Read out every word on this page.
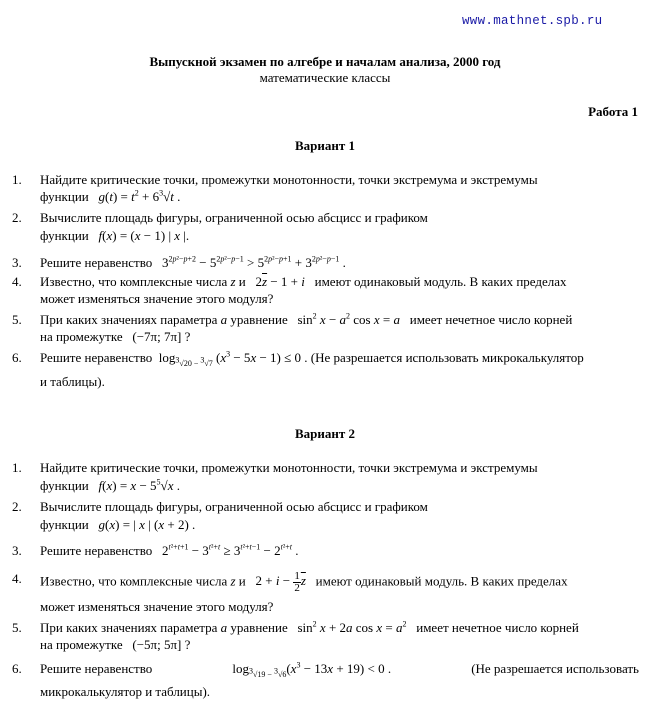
www.mathnet.spb.ru
Выпускной экзамен по алгебре и началам анализа, 2000 год
математические классы
Работа 1
Вариант 1
1. Найдите критические точки, промежутки монотонности, точки экстремума и экстремумы
функции $g(t) = t^2 + 6^3√t$ .
2. Вычислите площадь фигуры, ограниченной осью абсцисс и графиком
функции f(x) = (x − 1) | x |.
3. Решите неравенство   $3^{2p^2-p+2} - 5^{2p^2-p-1} > 5^{2p^2-p+1} + 3^{2p^2-p-1}$ .
4. Известно, что комплексные числа z и   $2\overline{z} - 1 + i$ имеют одинаковый модуль. В каких пределах
может изменяться значение этого модуля?
5. При каких значениях параметра a уравнение   $\sin^2 x - a^2$ cos x = a имеет нечетное число корней
на промежутке   (−7π; 7π] ?
6. Решите неравенство  $\log_{^3√20 - ^3√7} (x^3 - 5x - 1) \le 0$ . (Не разрешается использовать микрокалькулятор
и таблицы).
Вариант 2
1. Найдите критические точки, промежутки монотонности, точки экстремума и экстремумы
функции $f(x) = x - 5^5√x$ .
2. Вычислите площадь фигуры, ограниченной осью абсцисс и графиком
функции g(x) = | x | (x + 2) .
3. Решите неравенство   $2^{t^2+t+1} - 3^{t^2+t} \ge 3^{t^2+t-1} - 2^{t^2+t}$ .
4. Известно, что комплексные числа z и   $2 + i - \frac{1}{2} \overline{z}$ имеют одинаковый модуль. В каких пределах
может изменяться значение этого модуля?
5. При каких значениях параметра a уравнение   $\sin^2 x + 2a$ $\cos x = a^2$ имеет нечетное число корней
на промежутке   (−5π; 5π] ?
6. Решите неравенство	$\log_{^3√19 - ^3√6}(x^3 - 13x + 19) < 0$ .	(Не разрешается использовать
микрокалькулятор и таблицы).
